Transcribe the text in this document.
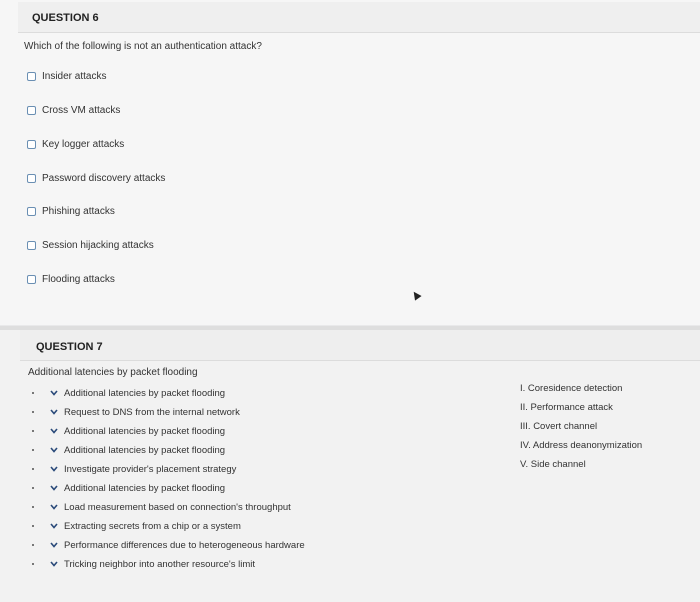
QUESTION 6
Which of the following is not an authentication attack?
Insider attacks
Cross VM attacks
Key logger attacks
Password discovery attacks
Phishing attacks
Session hijacking attacks
Flooding attacks
QUESTION 7
Additional latencies by packet flooding
Additional latencies by packet flooding
Request to DNS from the internal network
Additional latencies by packet flooding
Additional latencies by packet flooding
Investigate provider's placement strategy
Additional latencies by packet flooding
Load measurement based on connection's throughput
Extracting secrets from a chip or a system
Performance differences due to heterogeneous hardware
Tricking neighbor into another resource's limit
I. Coresidence detection
II. Performance attack
III. Covert channel
IV. Address deanonymization
V. Side channel
